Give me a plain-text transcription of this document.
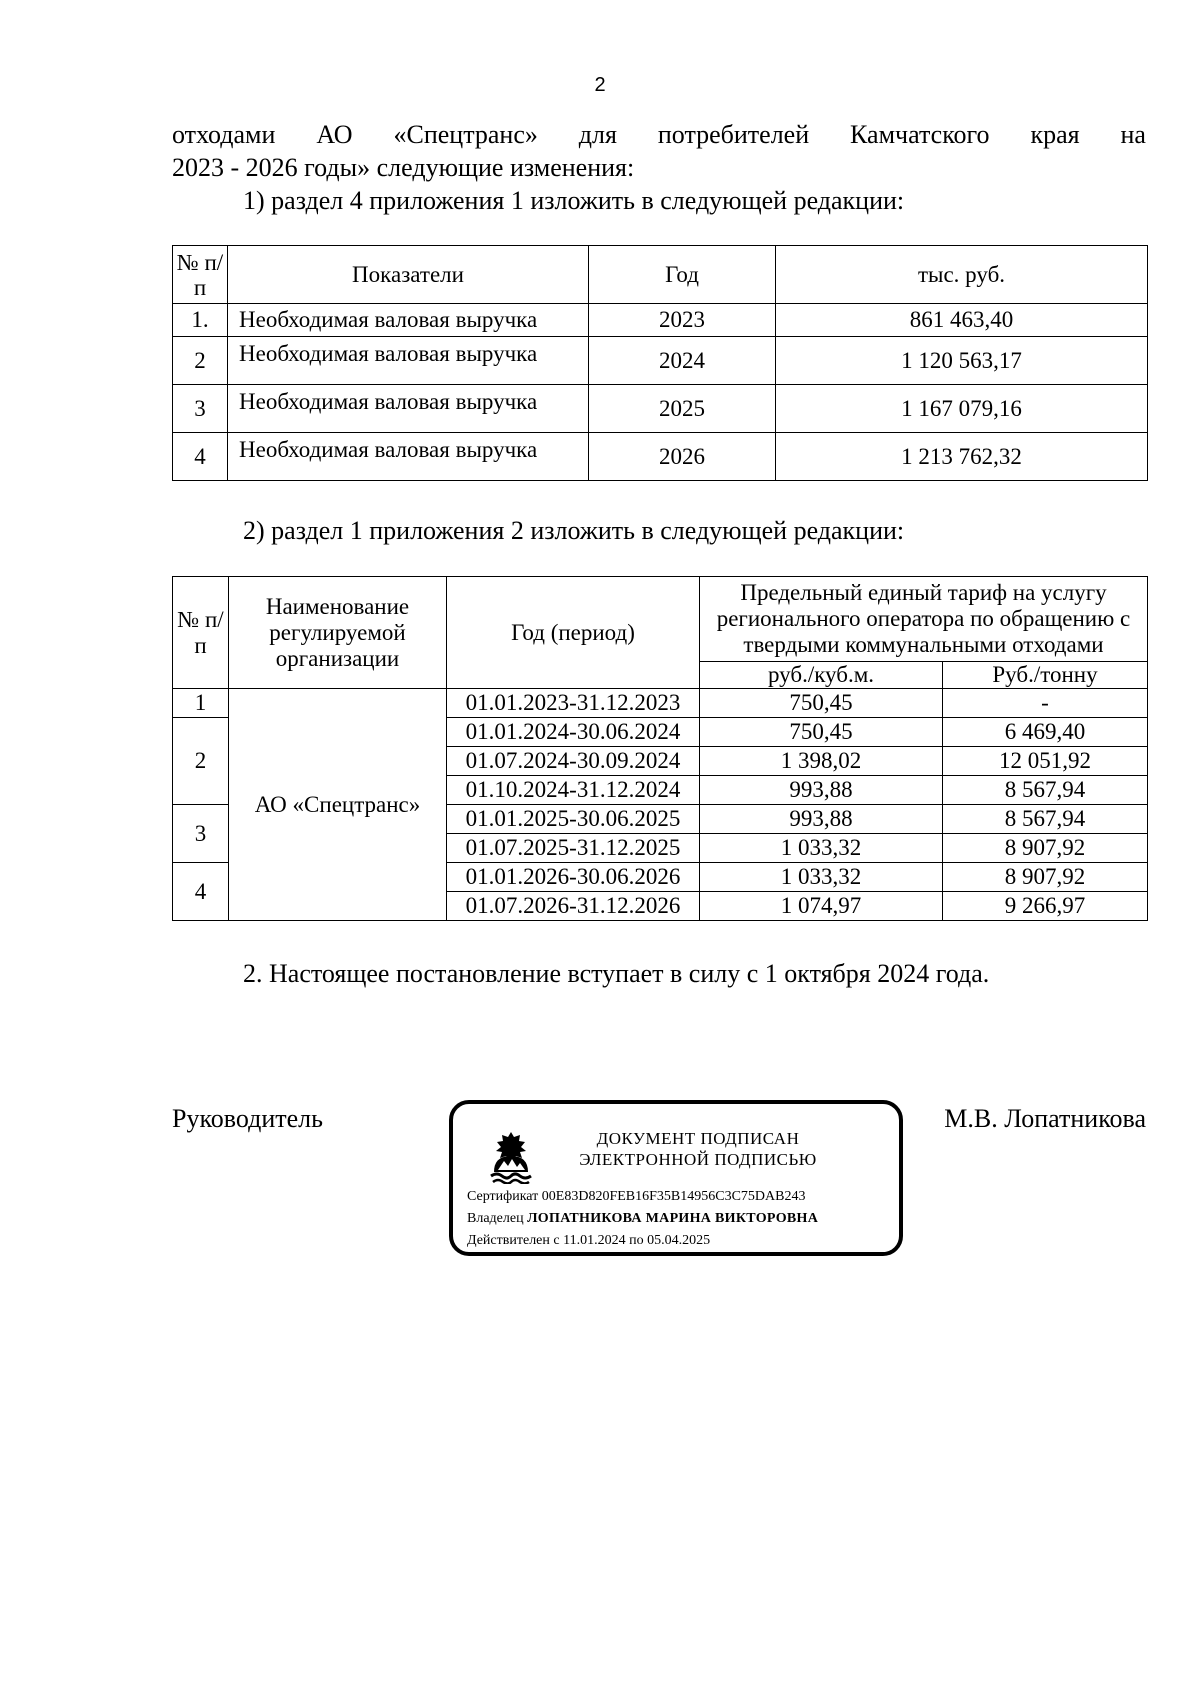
2
отходами АО «Спецтранс» для потребителей Камчатского края на
2023 - 2026 годы» следующие изменения:
1) раздел 4 приложения 1 изложить в следующей редакции:
№ п/п	Показатели	Год	тыс. руб.
1.	Необходимая валовая выручка	2023	861 463,40
2	Необходимая валовая выручка	2024	1 120 563,17
3	Необходимая валовая выручка	2025	1 167 079,16
4	Необходимая валовая выручка	2026	1 213 762,32
2) раздел 1 приложения 2 изложить в следующей редакции:
№ п/п	Наименование регулируемой организации	Год (период)	Предельный единый тариф на услугу регионального оператора по обращению с твердыми коммунальными отходами	
			руб./куб.м.	Руб./тонну
1	АО «Спецтранс»	01.01.2023-31.12.2023	750,45	-
2		01.01.2024-30.06.2024	750,45	6 469,40
		01.07.2024-30.09.2024	1 398,02	12 051,92
		01.10.2024-31.12.2024	993,88	8 567,94
3		01.01.2025-30.06.2025	993,88	8 567,94
		01.07.2025-31.12.2025	1 033,32	8 907,92
4		01.01.2026-30.06.2026	1 033,32	8 907,92
		01.07.2026-31.12.2026	1 074,97	9 266,97
2. Настоящее постановление вступает в силу с 1 октября 2024 года.
Руководитель	М.В. Лопатникова
ДОКУМЕНТ ПОДПИСАН
ЭЛЕКТРОННОЙ ПОДПИСЬЮ
Сертификат 00E83D820FEB16F35B14956C3C75DAB243
Владелец ЛОПАТНИКОВА МАРИНА ВИКТОРОВНА
Действителен с 11.01.2024 по 05.04.2025
